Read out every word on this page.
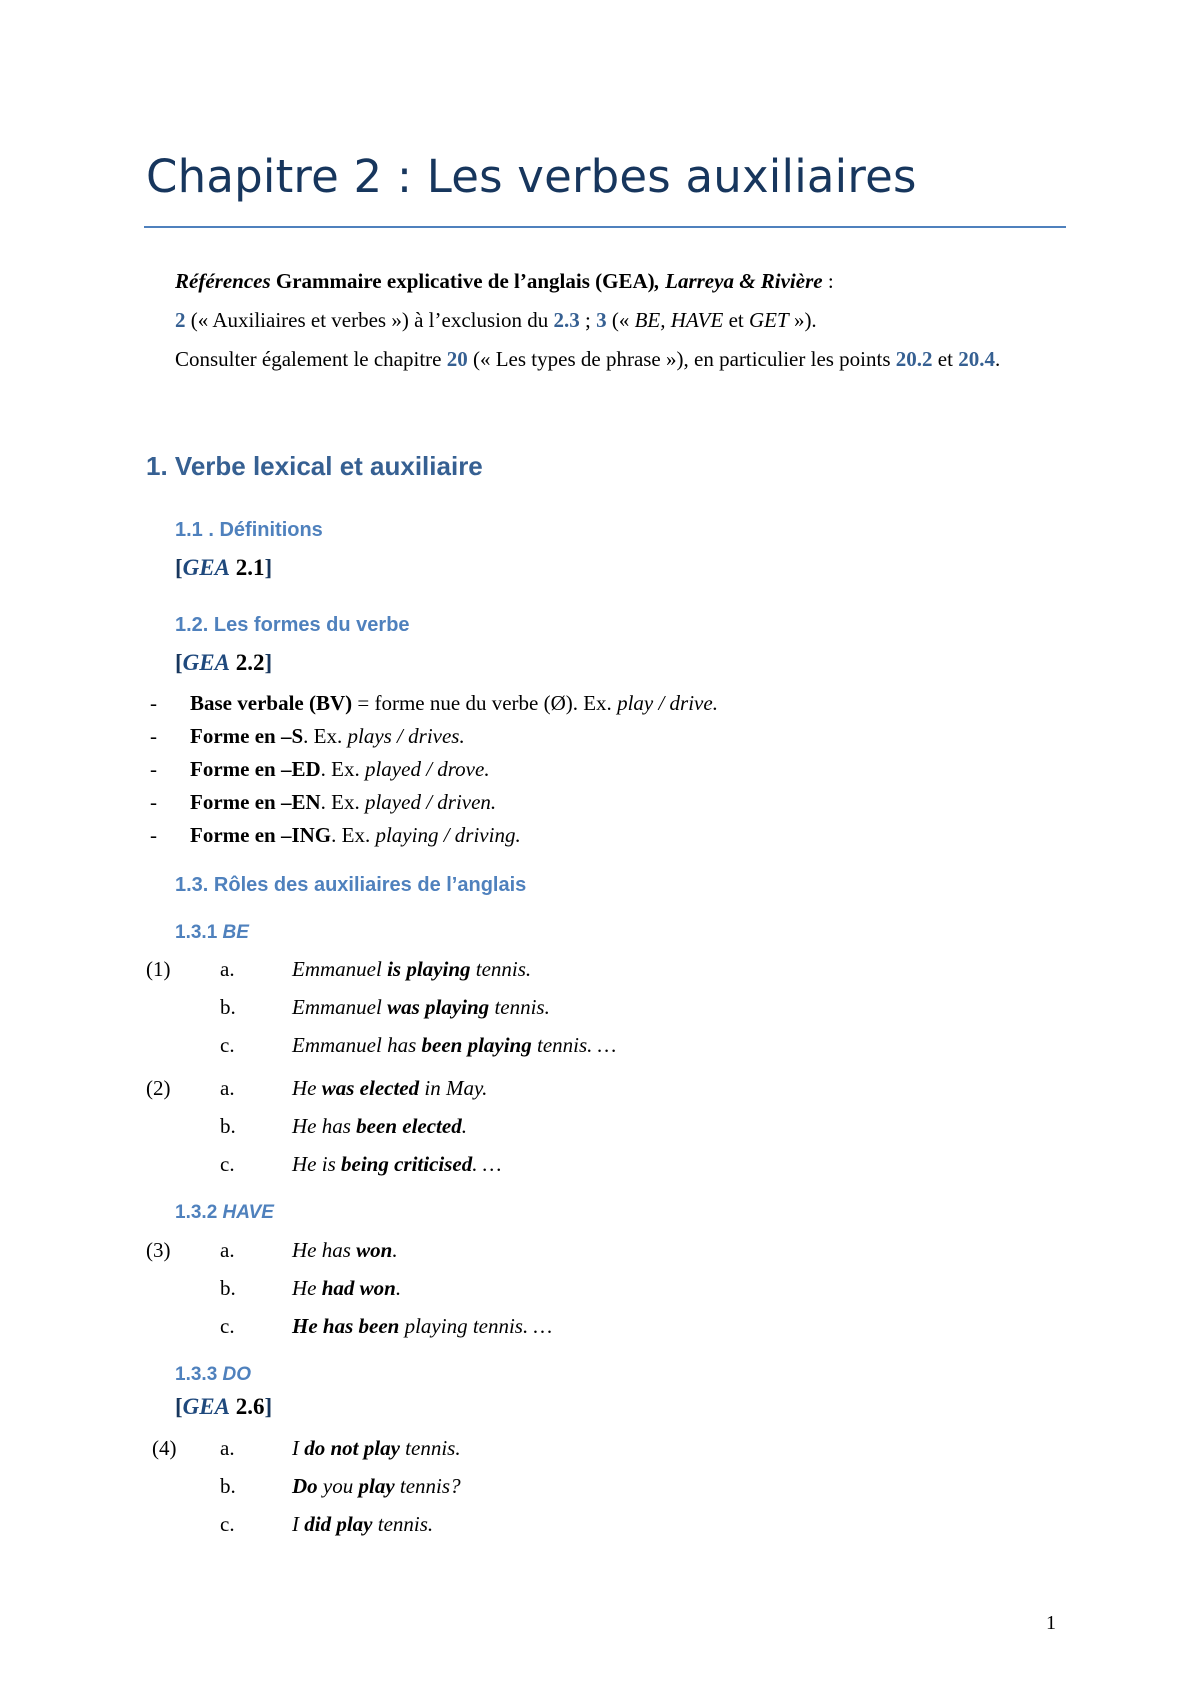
Chapitre 2 : Les verbes auxiliaires

Références Grammaire explicative de l’anglais (GEA), Larreya & Rivière :

2 (« Auxiliaires et verbes ») à l’exclusion du 2.3 ; 3 (« BE, HAVE et GET »).

Consulter également le chapitre 20 (« Les types de phrase »), en particulier les points 20.2 et 20.4.

1. Verbe lexical et auxiliaire
1.1 . Définitions

[GEA 2.1]

1.2. Les formes du verbe

[GEA 2.2]

- Base verbale (BV) = forme nue du verbe (Ø). Ex. play / drive.
- Forme en –S. Ex. plays / drives.
- Forme en –ED. Ex. played / drove.
- Forme en –EN. Ex. played / driven.
- Forme en –ING. Ex. playing / driving.
1.3. Rôles des auxiliaires de l’anglais
1.3.1 BE
(1) a.	Emmanuel is playing tennis.
b.	Emmanuel was playing tennis.
c.	Emmanuel has been playing tennis. …
(2) a.	He was elected in May.
b.	He has been elected.
c.	He is being criticised. …
1.3.2 HAVE
(3) a.	He has won.
b.	He had won.
c.	He has been playing tennis. …
1.3.3 DO

[GEA 2.6]

(4) a.	I do not play tennis.
b.	Do you play tennis?
c.	I did play tennis.
1
